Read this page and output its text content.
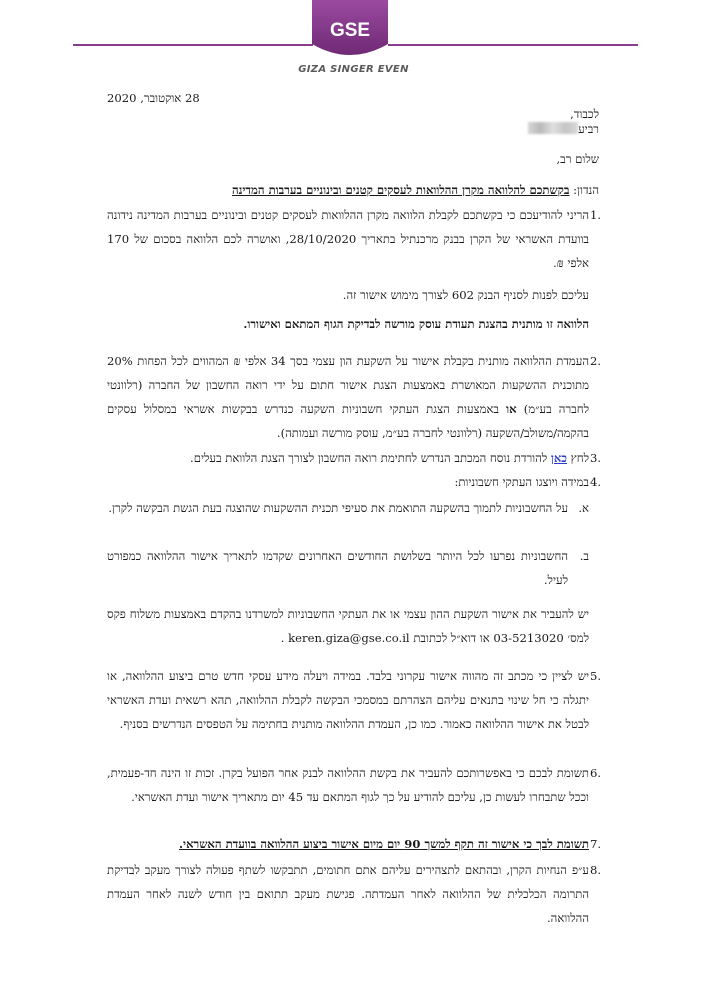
GSE
GIZA SINGER EVEN
28 אוקטובר, 2020
לכבוד,
רביע
שלום רב,
הנדון: בקשתכם להלוואה מקרן ההלוואות לעסקים קטנים ובינוניים בערבות המדינה
1.
הריני להודיעכם כי בקשתכם לקבלת הלוואה מקרן ההלוואות לעסקים קטנים ובינוניים בערבות המדינה נידונה בוועדת האשראי של הקרן בבנק מרכנתיל בתאריך 28/10/2020, ואושרה לכם הלוואה בסכום של 170 אלפי ₪.
עליכם לפנות לסניף הבנק 602 לצורך מימוש אישור זה.
הלוואה זו מותנית בהצגת תעודת עוסק מורשה לבדיקת הגוף המתאם ואישורו.
2.
העמדת ההלוואה מותנית בקבלת אישור על השקעת הון עצמי בסך 34 אלפי ₪ המהווים לכל הפחות 20% מתוכנית ההשקעות המאושרת באמצעות הצגת אישור חתום על ידי רואה החשבון של החברה (רלוונטי לחברה בע״מ) או באמצעות הצגת העתקי חשבוניות השקעה כנדרש בבקשות אשראי במסלול עסקים בהקמה/משולב/השקעה (רלוונטי לחברה בע״מ, עוסק מורשה ועמותה).
3.
לחץ כאן להורדת נוסח המכתב הנדרש לחתימת רואה החשבון לצורך הצגת הלוואת בעלים.
4.
במידה ויוצגו העתקי חשבוניות:
א.
על החשבוניות לתמוך בהשקעה התואמת את סעיפי תכנית ההשקעות שהוצגה בעת הגשת הבקשה לקרן.
ב.
החשבוניות נפרעו לכל היותר בשלושת החודשים האחרונים שקדמו לתאריך אישור ההלוואה כמפורט לעיל.
יש להעביר את אישור השקעת ההון עצמי או את העתקי החשבוניות למשרדנו בהקדם באמצעות משלוח פקס למס׳ 03-5213020 או דוא״ל לכתובת keren.giza@gse.co.il .
5.
יש לציין כי מכתב זה מהווה אישור עקרוני בלבד. במידה ויעלה מידע עסקי חדש טרם ביצוע ההלוואה, או יתגלה כי חל שינוי בתנאים עליהם הצהרתם במסמכי הבקשה לקבלת ההלוואה, תהא רשאית ועדת האשראי לבטל את אישור ההלוואה כאמור. כמו כן, העמדת ההלוואה מותנית בחתימה על הטפסים הנדרשים בסניף.
6.
תשומת לבכם כי באפשרותכם להעביר את בקשת ההלוואה לבנק אחר הפועל בקרן. זכות זו הינה חד-פעמית, וככל שתבחרו לעשות כן, עליכם להודיע על כך לגוף המתאם עד 45 יום מתאריך אישור ועדת האשראי.
7.
תשומת לבך כי אישור זה תקף למשך 90 יום מיום אישור ביצוע ההלוואה בוועדת האשראי.
8.
ע״פ הנחיות הקרן, ובהתאם לתצהירים עליהם אתם חתומים, תתבקשו לשתף פעולה לצורך מעקב לבדיקת התרומה הכלכלית של ההלוואה לאחר העמדתה. פגישת מעקב תתואם בין חודש לשנה לאחר העמדת ההלוואה.
